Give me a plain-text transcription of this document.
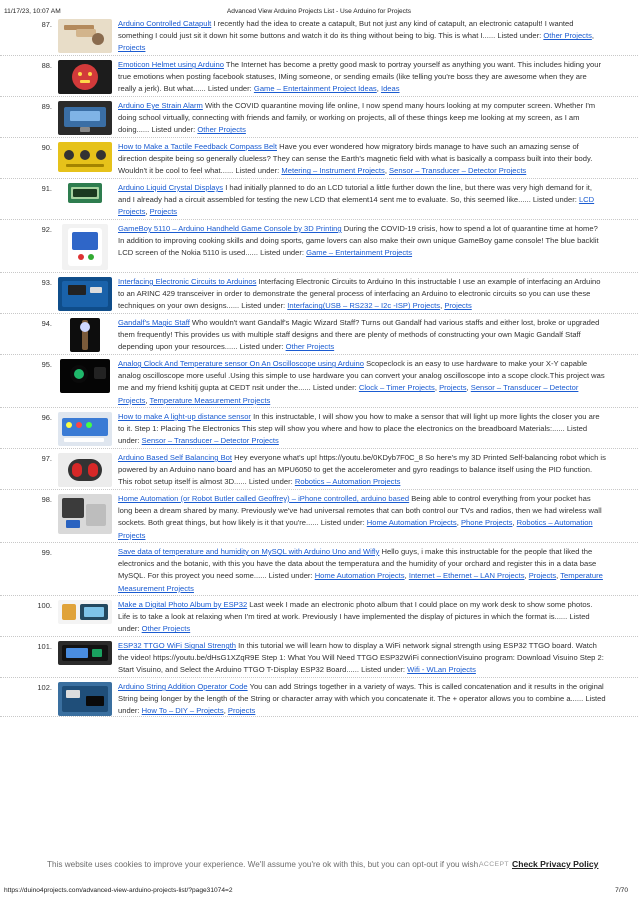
11/17/23, 10:07 AM	Advanced View Arduino Projects List - Use Arduino for Projects
87.	Arduino Controlled Catapult I recently had the idea to create a catapult, But not just any kind of catapult, an electronic catapult! I wanted something I could just sit it down hit some buttons and watch it do its thing without being to big. This is what I...... Listed under: Other Projects, Projects
88.	Emoticon Helmet using Arduino The Internet has become a pretty good mask to portray yourself as anything you want. This includes hiding your true emotions when posting facebook statuses, IMing someone, or sending emails (like telling you're boss they are awesome when they are really a jerk). But what...... Listed under: Game – Entertainment Project Ideas, Ideas
89.	Arduino Eye Strain Alarm With the COVID quarantine moving life online, I now spend many hours looking at my computer screen. Whether I'm doing school virtually, connecting with friends and family, or working on projects, all of these things keep me looking at my screen, as I am doing...... Listed under: Other Projects
90.	How to Make a Tactile Feedback Compass Belt Have you ever wondered how migratory birds manage to have such an amazing sense of direction despite being so generally clueless? They can sense the Earth's magnetic field with what is basically a compass built into their body. Wouldn't it be cool to feel what...... Listed under: Metering – Instrument Projects, Sensor – Transducer – Detector Projects
91.	Arduino Liquid Crystal Displays I had initially planned to do an LCD tutorial a little further down the line, but there was very high demand for it, and I already had a circuit assembled for testing the new LCD that element14 sent me to evaluate. So, this seemed like...... Listed under: LCD Projects, Projects
92.	GameBoy 5110 – Arduino Handheld Game Console by 3D Printing During the COVID-19 crisis, how to spend a lot of quarantine time at home? In addition to improving cooking skills and doing sports, game lovers can also make their own unique GameBoy game console! The blue backlit LCD screen of the Nokia 5110 is used...... Listed under: Game – Entertainment Projects
93.	Interfacing Electronic Circuits to Arduinos Interfacing Electronic Circuits to Arduino In this instructable I use an example of interfacing an Arduino to an ARINC 429 transceiver in order to demonstrate the general process of interfacing an Arduino to electronic circuits so you can use these techniques on your own designs...... Listed under: Interfacing(USB – RS232 – I2c -ISP) Projects, Projects
94.	Gandalf's Magic Staff Who wouldn't want Gandalf's Magic Wizard Staff? Turns out Gandalf had various staffs and either lost, broke or upgraded them frequently! This provides us with multiple staff designs and there are plenty of methods of constructing your own Magic Gandalf Staff depending upon your resources...... Listed under: Other Projects
95.	Analog Clock And Temperature sensor On An Oscilloscope using Arduino Scopeclock is an easy to use hardware to make your X-Y capable analog oscilloscope more useful .Using this simple to use hardware you can convert your analog oscilloscope into a scope clock.This project was me and my friend kshitij gupta at CEDT nsit under the...... Listed under: Clock – Timer Projects, Projects, Sensor – Transducer – Detector Projects, Temperature Measurement Projects
96.	How to make A light-up distance sensor In this instructable, I will show you how to make a sensor that will light up more lights the closer you are to it. Step 1: Placing The Electronics This step will show you where and how to place the electronics on the breadboard Materials:...... Listed under: Sensor – Transducer – Detector Projects
97.	Arduino Based Self Balancing Bot Hey everyone what's up! https://youtu.be/0KDyb7F0C_8 So here's my 3D Printed Self-balancing robot which is powered by an Arduino nano board and has an MPU6050 to get the accelerometer and gyro readings to balance itself using the PID function. This robot setup itself is almost 3D...... Listed under: Robotics – Automation Projects
98.	Home Automation (or Robot Butler called Geoffrey) – iPhone controlled, arduino based Being able to control everything from your pocket has long been a dream shared by many. Previously we've had universal remotes that can both control our TVs and radios, then we had wireless wall sockets. Both great things, but how likely is it that you're...... Listed under: Home Automation Projects, Phone Projects, Robotics – Automation Projects
99.	Save data of temperature and humidity on MySQL with Arduino Uno and Wifly Hello guys, i make this instructable for the people that liked the electronics and the botanic, with this you have the data about the temperatura and the humidity of your orchard and register this in a data base MySQL. For this proyect you need some...... Listed under: Home Automation Projects, Internet – Ethernet – LAN Projects, Projects, Temperature Measurement Projects
100.	Make a Digital Photo Album by ESP32 Last week I made an electronic photo album that I could place on my work desk to show some photos. Life is to take a look at relaxing when I'm tired at work. Previously I have implemented the display of pictures in which the format is...... Listed under: Other Projects
101.	ESP32 TTGO WiFi Signal Strength In this tutorial we will learn how to display a WiFi network signal strength using ESP32 TTGO board. Watch the video! https://youtu.be/dHsG1XZqR9E Step 1: What You Will Need TTGO ESP32WiFi connectionVisuino program: Download Visuino Step 2: Start Visuino, and Select the Arduino TTGO T-Display ESP32 Board...... Listed under: Wifi - WLan Projects
102.	Arduino String Addition Operator Code You can add Strings together in a variety of ways. This is called concatenation and it results in the original String being longer by the length of the String or character array with which you concatenate it. The + operator allows you to combine a...... Listed under: How To – DIY – Projects, Projects
This website uses cookies to improve your experience. We'll assume you're ok with this, but you can opt-out if you wish.
ACCEPT Check Privacy Policy
https://duino4projects.com/advanced-view-arduino-projects-list/?page31074=2	7/70
